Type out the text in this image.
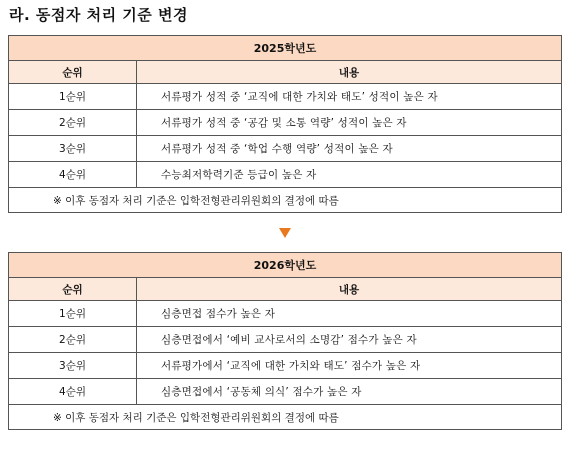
라. 동점자 처리 기준 변경
2025학년도	
순위	내용
1순위	서류평가 성적 중 ‘교직에 대한 가치와 태도’ 성적이 높은 자
2순위	서류평가 성적 중 ‘공감 및 소통 역량’ 성적이 높은 자
3순위	서류평가 성적 중 ‘학업 수행 역량’ 성적이 높은 자
4순위	수능최저학력기준 등급이 높은 자
※ 이후 동점자 처리 기준은 입학전형관리위원회의 결정에 따름	
2026학년도	
순위	내용
1순위	심층면접 점수가 높은 자
2순위	심층면접에서 ‘예비 교사로서의 소명감’ 점수가 높은 자
3순위	서류평가에서 ‘교직에 대한 가치와 태도’ 점수가 높은 자
4순위	심층면접에서 ‘공동체 의식’ 점수가 높은 자
※ 이후 동점자 처리 기준은 입학전형관리위원회의 결정에 따름	
